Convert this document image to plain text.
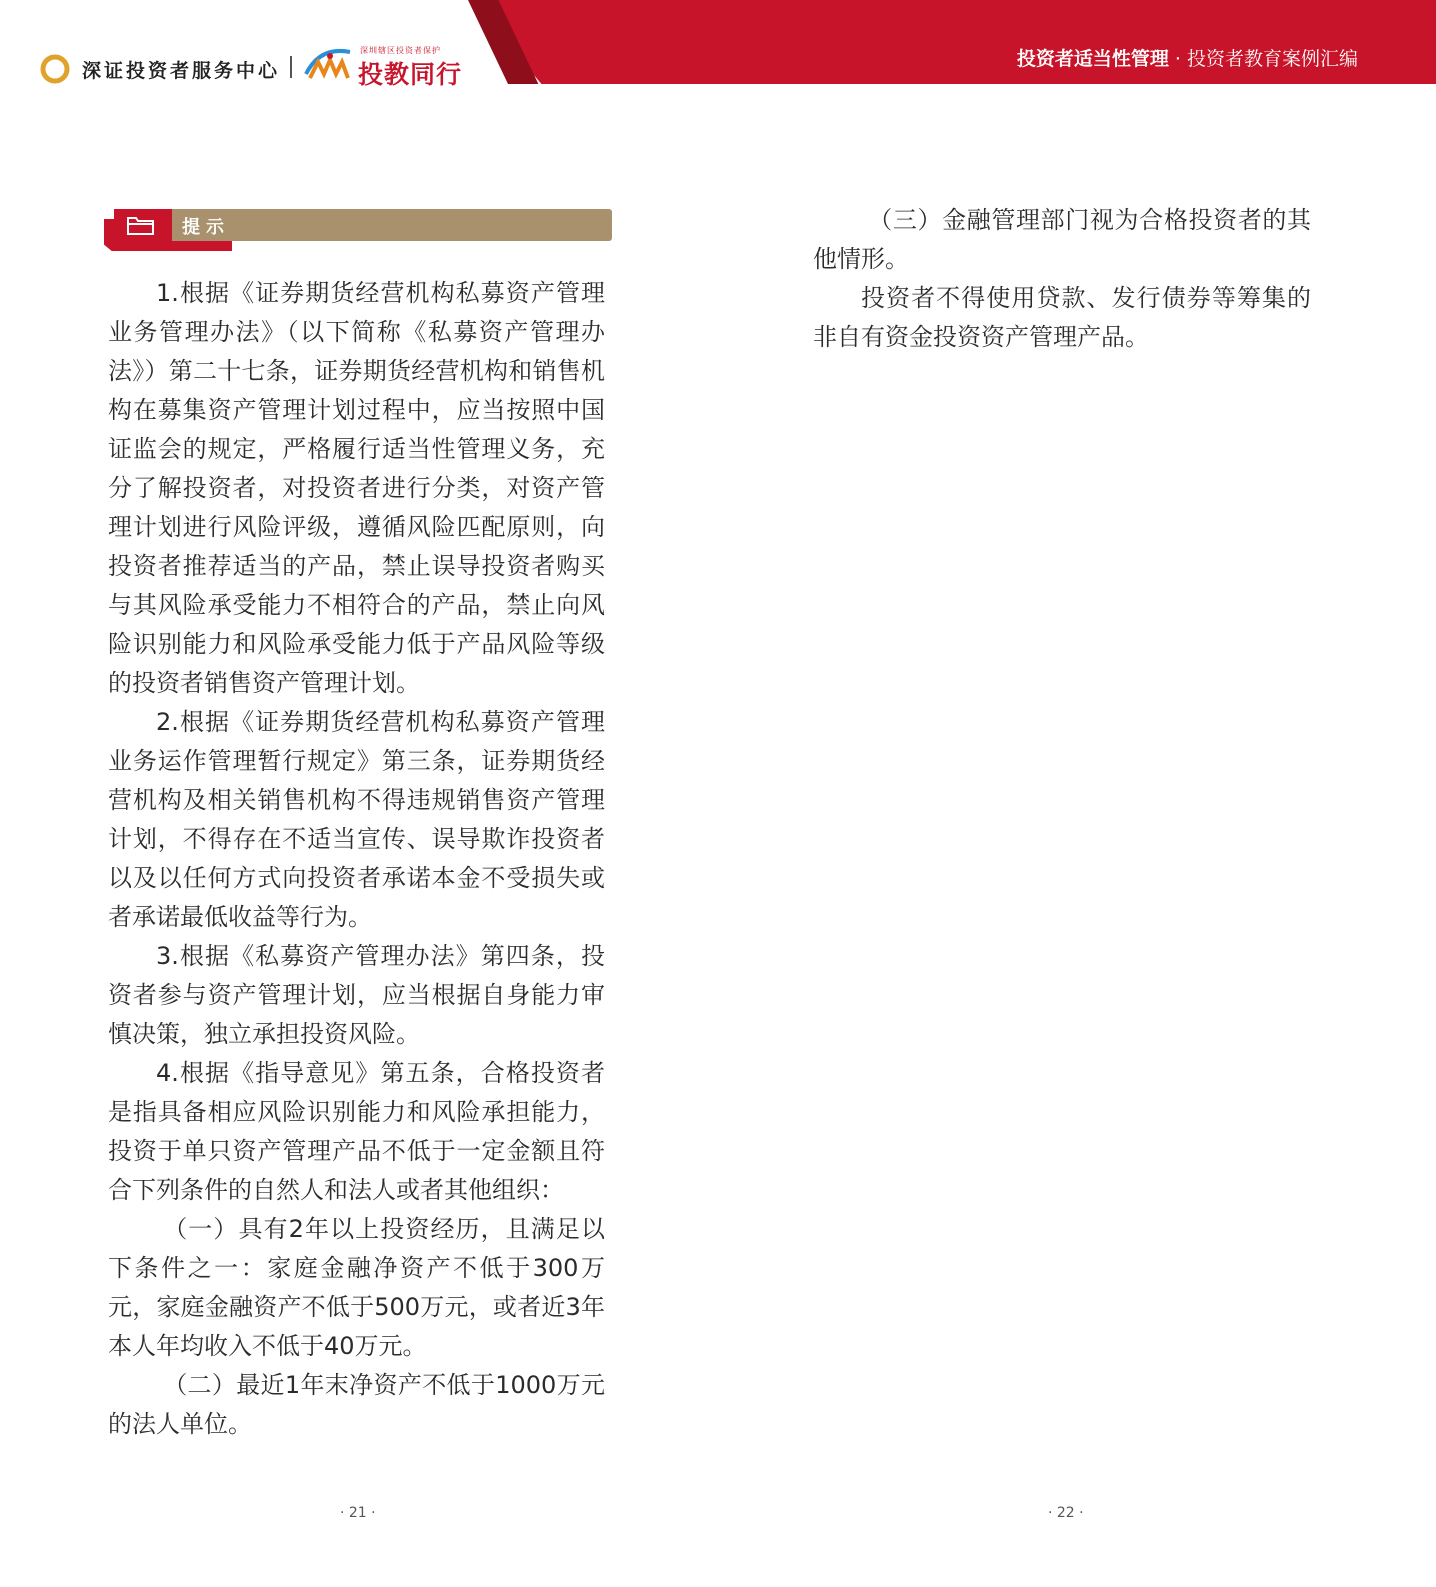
深证投资者服务中心
深圳辖区投资者保护
投教同行
投资者适当性管理 · 投资者教育案例汇编
提示

1.根据《证券期货经营机构私募资产管理业务管理办法》（以下简称《私募资产管理办法》）第二十七条，证券期货经营机构和销售机构在募集资产管理计划过程中，应当按照中国证监会的规定，严格履行适当性管理义务，充分了解投资者，对投资者进行分类，对资产管理计划进行风险评级，遵循风险匹配原则，向投资者推荐适当的产品，禁止误导投资者购买与其风险承受能力不相符合的产品，禁止向风险识别能力和风险承受能力低于产品风险等级的投资者销售资产管理计划。

2.根据《证券期货经营机构私募资产管理业务运作管理暂行规定》第三条，证券期货经营机构及相关销售机构不得违规销售资产管理计划，不得存在不适当宣传、误导欺诈投资者以及以任何方式向投资者承诺本金不受损失或者承诺最低收益等行为。

3.根据《私募资产管理办法》第四条，投资者参与资产管理计划，应当根据自身能力审慎决策，独立承担投资风险。

4.根据《指导意见》第五条，合格投资者是指具备相应风险识别能力和风险承担能力，投资于单只资产管理产品不低于一定金额且符合下列条件的自然人和法人或者其他组织：

（一）具有2年以上投资经历，且满足以下条件之一：家庭金融净资产不低于300万元，家庭金融资产不低于500万元，或者近3年本人年均收入不低于40万元。

（二）最近1年末净资产不低于1000万元的法人单位。

（三）金融管理部门视为合格投资者的其他情形。

投资者不得使用贷款、发行债券等筹集的非自有资金投资资产管理产品。

· 21 ·	· 22 ·
